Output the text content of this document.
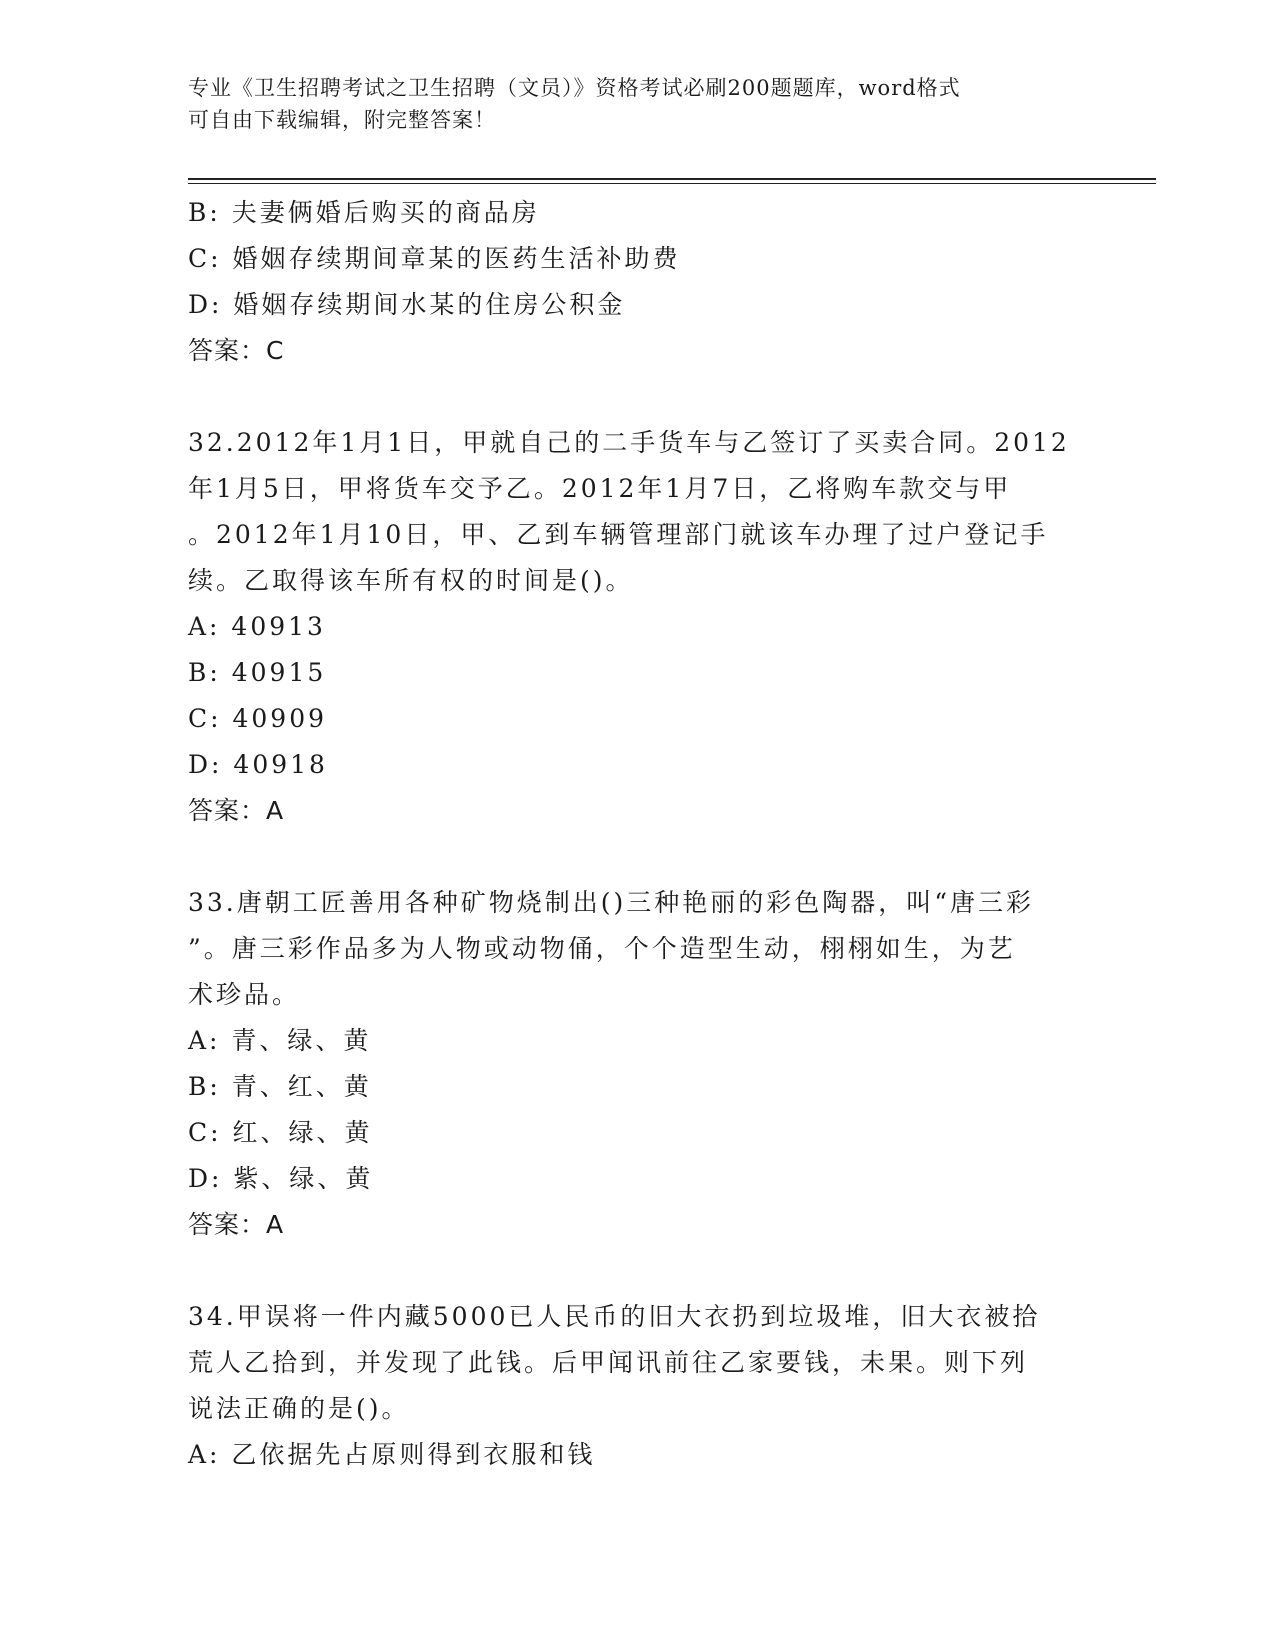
专业《卫生招聘考试之卫生招聘（文员）》资格考试必刷200题题库，word格式
可自由下载编辑，附完整答案！
B: 夫妻俩婚后购买的商品房
C: 婚姻存续期间章某的医药生活补助费
D: 婚姻存续期间水某的住房公积金
答案：C
32.2012年1月1日，甲就自己的二手货车与乙签订了买卖合同。2012
年1月5日，甲将货车交予乙。2012年1月7日，乙将购车款交与甲
。2012年1月10日，甲、乙到车辆管理部门就该车办理了过户登记手
续。乙取得该车所有权的时间是()。
A: 40913
B: 40915
C: 40909
D: 40918
答案：A
33.唐朝工匠善用各种矿物烧制出()三种艳丽的彩色陶器，叫“唐三彩
”。唐三彩作品多为人物或动物俑，个个造型生动，栩栩如生，为艺
术珍品。
A: 青、绿、黄
B: 青、红、黄
C: 红、绿、黄
D: 紫、绿、黄
答案：A
34.甲误将一件内藏5000已人民币的旧大衣扔到垃圾堆，旧大衣被拾
荒人乙拾到，并发现了此钱。后甲闻讯前往乙家要钱，未果。则下列
说法正确的是()。
A: 乙依据先占原则得到衣服和钱
